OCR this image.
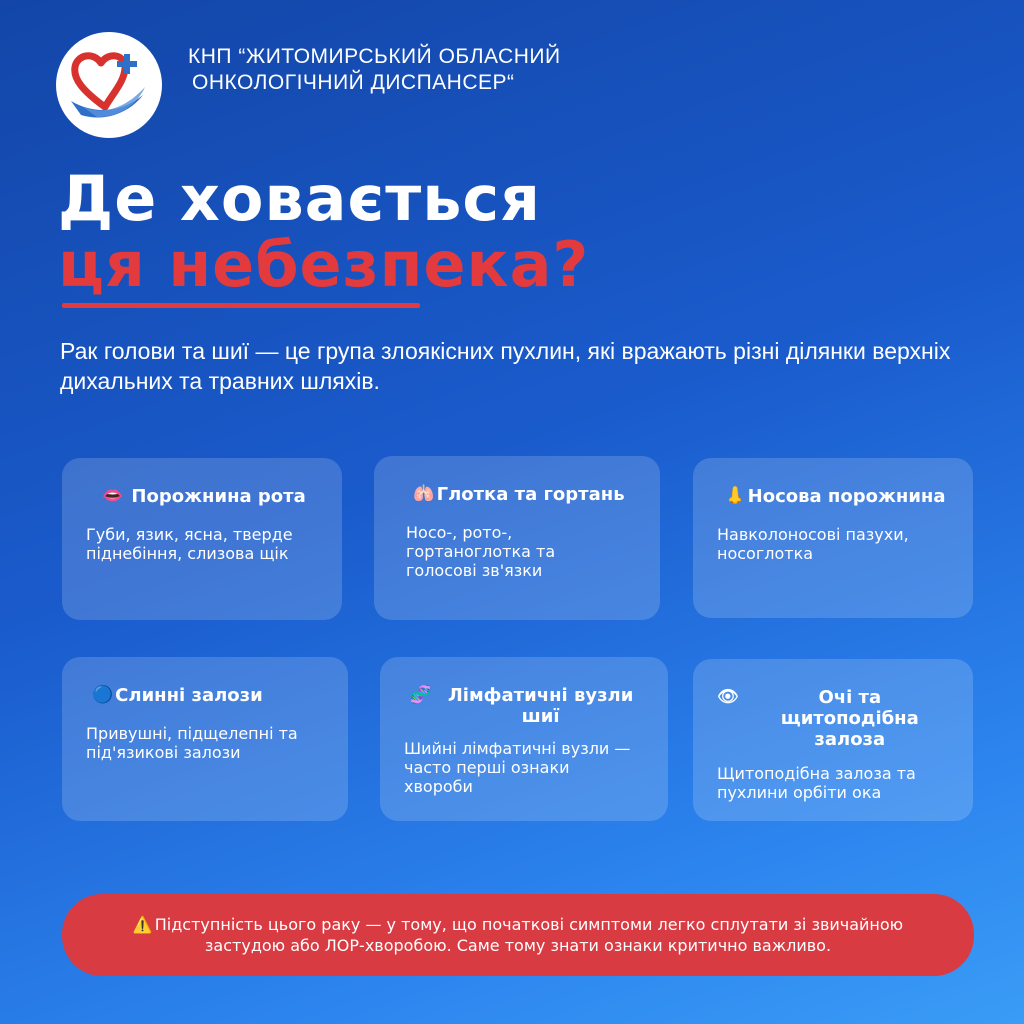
КНП “ЖИТОМИРСЬКИЙ ОБЛАСНИЙ
ОНКОЛОГІЧНИЙ ДИСПАНСЕР“
Де ховається
ця небезпека?

Рак голови та шиї — це група злоякісних пухлин, які вражають різні ділянки верхніх дихальних та травних шляхів.

👄 Порожнина рота
Губи, язик, ясна, тверде піднебіння, слизова щік
🫁 Глотка та гортань
Носо-, рото-, гортаноглотка та голосові зв'язки
👃 Носова порожнина
Навколоносові пазухи, носоглотка
🔵 Слинні залози
Привушні, підщелепні та під'язикові залози
🧬 Лімфатичні вузли шиї
Шийні лімфатичні вузли — часто перші ознаки хвороби
👁	Очі та щитоподібна залоза
Щитоподібна залоза та пухлини орбіти ока

⚠️ Підступність цього раку — у тому, що початкові симптоми легко сплутати зі звичайною застудою або ЛОР-хворобою. Саме тому знати ознаки критично важливо.
